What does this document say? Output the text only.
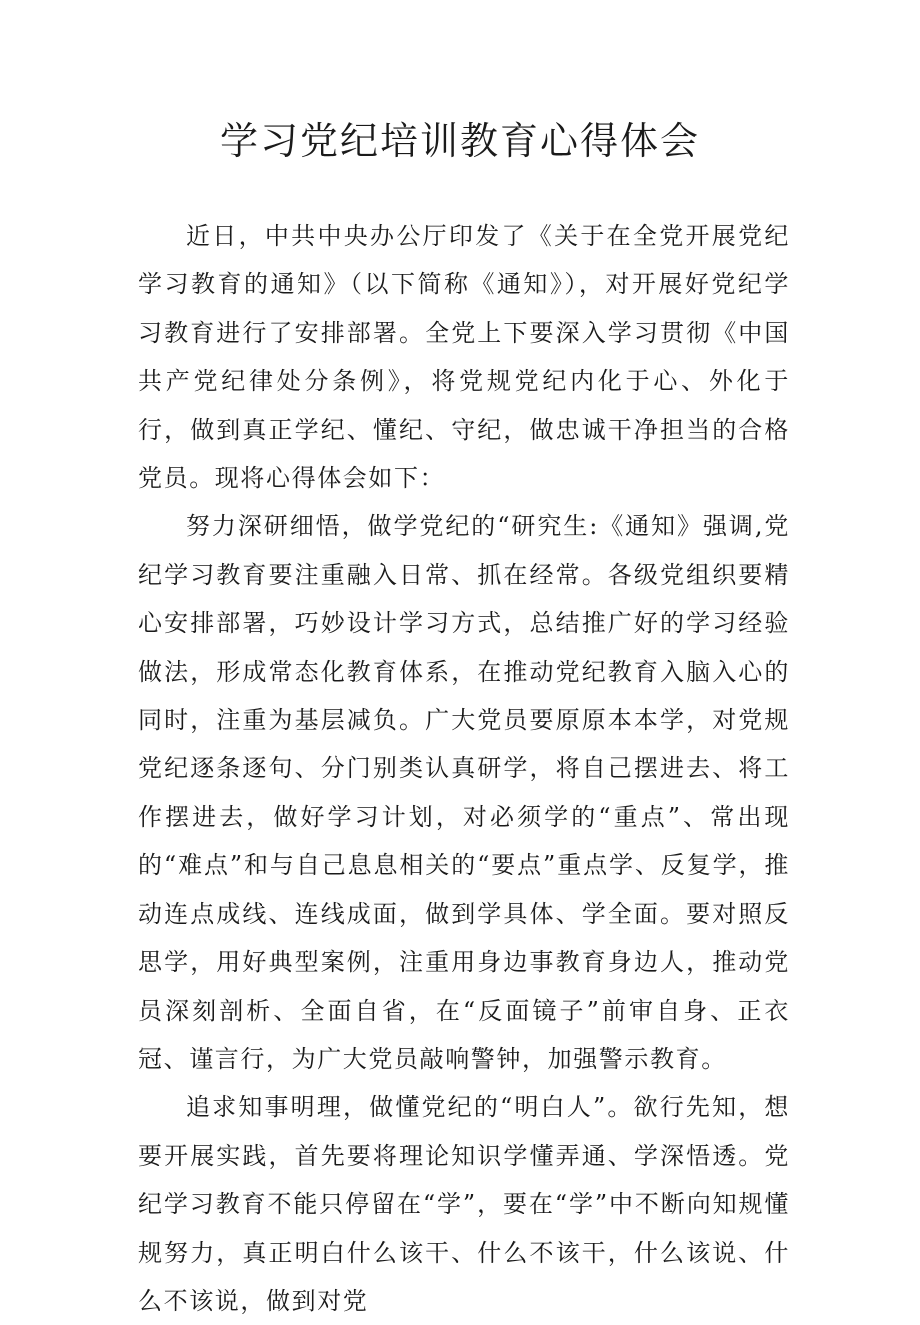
学习党纪培训教育心得体会

近日，中共中央办公厅印发了《关于在全党开展党纪学习教育的通知》（以下简称《通知》），对开展好党纪学习教育进行了安排部署。全党上下要深入学习贯彻《中国共产党纪律处分条例》，将党规党纪内化于心、外化于行，做到真正学纪、懂纪、守纪，做忠诚干净担当的合格党员。现将心得体会如下：

努力深研细悟，做学党纪的“研究生:《通知》强调,党纪学习教育要注重融入日常、抓在经常。各级党组织要精心安排部署，巧妙设计学习方式，总结推广好的学习经验做法，形成常态化教育体系，在推动党纪教育入脑入心的同时，注重为基层减负。广大党员要原原本本学，对党规党纪逐条逐句、分门别类认真研学，将自己摆进去、将工作摆进去，做好学习计划，对必须学的“重点”、常出现的“难点”和与自己息息相关的“要点”重点学、反复学，推动连点成线、连线成面，做到学具体、学全面。要对照反思学，用好典型案例，注重用身边事教育身边人，推动党员深刻剖析、全面自省，在“反面镜子”前审自身、正衣冠、谨言行，为广大党员敲响警钟，加强警示教育。

追求知事明理，做懂党纪的“明白人”。欲行先知，想要开展实践，首先要将理论知识学懂弄通、学深悟透。党纪学习教育不能只停留在“学”，要在“学”中不断向知规懂规努力，真正明白什么该干、什么不该干，什么该说、什么不该说，做到对党
